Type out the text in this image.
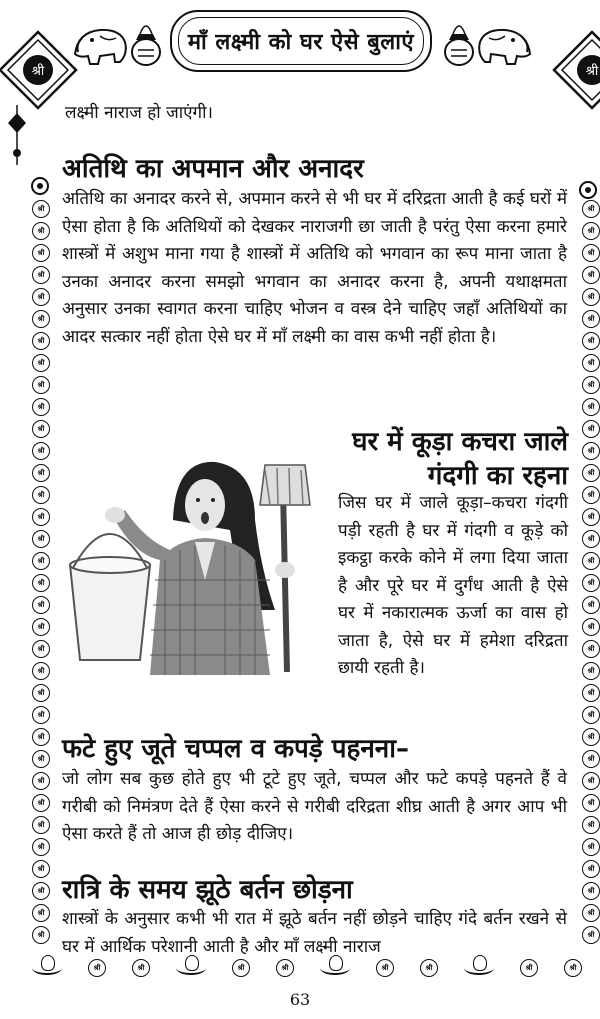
माँ लक्ष्मी को घर ऐसे बुलाएं
श्री	श्री
श्री
श्री
श्री
श्री
श्री
श्री
श्री
श्री
श्री
श्री
श्री
श्री
श्री
श्री
श्री
श्री
श्री
श्री
श्री
श्री
श्री
श्री
श्री
श्री
श्री
श्री
श्री
श्री
श्री
श्री
श्री
श्री
श्री
श्री
श्री
श्री
श्री
श्री
श्री
श्री
श्री
श्री
श्री
श्री
श्री
श्री
श्री
श्री
श्री
श्री
श्री
श्री
श्री
श्री
श्री
श्री
श्री
श्री
श्री
श्री
श्री
श्री
श्री
श्री
श्री
श्री
श्री
श्री
श्री	श्री	श्री	श्री	श्री	श्री	श्री	श्री
लक्ष्मी नाराज हो जाएंगी।
अतिथि का अपमान और अनादर

अतिथि का अनादर करने से, अपमान करने से भी घर में दरिद्रता आती है कई घरों में ऐसा होता है कि अतिथियों को देखकर नाराजगी छा जाती है परंतु ऐसा करना हमारे शास्त्रों में अशुभ माना गया है शास्त्रों में अतिथि को भगवान का रूप माना जाता है उनका अनादर करना समझो भगवान का अनादर करना है, अपनी यथाक्षमता अनुसार उनका स्वागत करना चाहिए भोजन व वस्त्र देने चाहिए जहाँ अतिथियों का आदर सत्कार नहीं होता ऐसे घर में माँ लक्ष्मी का वास कभी नहीं होता है।

घर में कूड़ा कचरा जाले गंदगी का रहना

जिस घर में जाले कूड़ा–कचरा गंदगी पड़ी रहती है घर में गंदगी व कूड़े को इकट्ठा करके कोने में लगा दिया जाता है और पूरे घर में दुर्गंध आती है ऐसे घर में नकारात्मक ऊर्जा का वास हो जाता है, ऐसे घर में हमेशा दरिद्रता छायी रहती है।

फटे हुए जूते चप्पल व कपड़े पहनना–

जो लोग सब कुछ होते हुए भी टूटे हुए जूते, चप्पल और फटे कपड़े पहनते हैं वे गरीबी को निमंत्रण देते हैं ऐसा करने से गरीबी दरिद्रता शीघ्र आती है अगर आप भी ऐसा करते हैं तो आज ही छोड़ दीजिए।

रात्रि के समय झूठे बर्तन छोड़ना

शास्त्रों के अनुसार कभी भी रात में झूठे बर्तन नहीं छोड़ने चाहिए गंदे बर्तन रखने से घर में आर्थिक परेशानी आती है और माँ लक्ष्मी नाराज

63
